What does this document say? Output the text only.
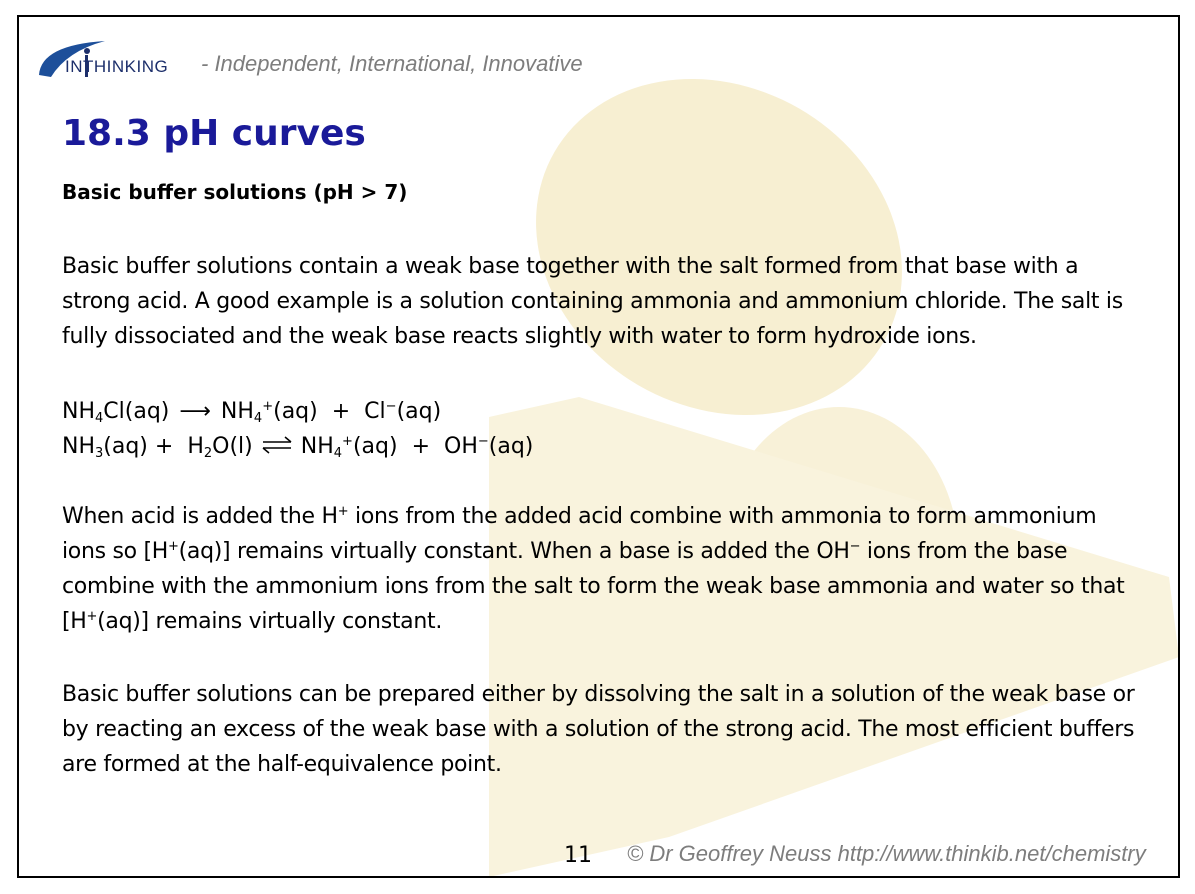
INTHINKING - Independent, International, Innovative
18.3 pH curves
Basic buffer solutions (pH > 7)

Basic buffer solutions contain a weak base together with the salt formed from that base with a strong acid. A good example is a solution containing ammonia and ammonium chloride. The salt is fully dissociated and the weak base reacts slightly with water to form hydroxide ions.

$NH_4Cl(aq)$ ⟶ $NH_4^+(aq) + Cl^-(aq)$
$NH_3(aq) + H_2O(l)$ ⇌ $NH_4^+(aq) + OH^-(aq)$

When acid is added the H+ ions from the added acid combine with ammonia to form ammonium ions so [H+(aq)] remains virtually constant. When a base is added the OH− ions from the base combine with the ammonium ions from the salt to form the weak base ammonia and water so that [H+(aq)] remains virtually constant.

Basic buffer solutions can be prepared either by dissolving the salt in a solution of the weak base or by reacting an excess of the weak base with a solution of the strong acid. The most efficient buffers are formed at the half-equivalence point.

11 © Dr Geoffrey Neuss http://www.thinkib.net/chemistry
